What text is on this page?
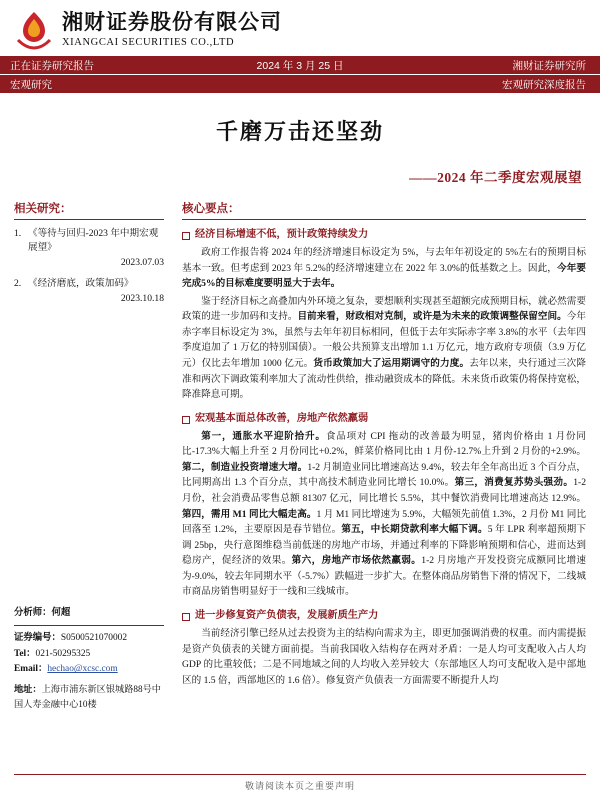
湘财证券股份有限公司
XIANGCAI SECURITIES CO.,LTD
正在证券研究报告	2024 年 3 月 25 日	湘财证券研究所
宏观研究	宏观研究深度报告
千磨万击还坚劲
——2024 年二季度宏观展望
相关研究：
1. 《等待与回归-2023 年中期宏观展望》
2023.07.03
2. 《经济磨底，政策加码》
2023.10.18
分析师：何超
证券编号：S0500521070002
Tel：021-50295325
Email：hechao@xcsc.com
地址：上海市浦东新区银城路88号中国人寿金融中心10楼
核心要点：
经济目标增速不低，预计政策持续发力

政府工作报告将 2024 年的经济增速目标设定为 5%，与去年年初设定的 5%左右的预期目标基本一致。但考虑到 2023 年 5.2%的经济增速建立在 2022 年 3.0%的低基数之上。因此，今年要完成5%的目标难度要明显大于去年。

鉴于经济目标之高叠加内外环境之复杂，要想顺利实现甚至超额完成预期目标，就必然需要政策的进一步加码和支持。目前来看，财政相对克制，或许是为未来的政策调整保留空间。今年赤字率目标设定为 3%，虽然与去年年初目标相同，但低于去年实际赤字率 3.8%的水平（去年四季度追加了 1 万亿的特别国债）。一般公共预算支出增加 1.1 万亿元，地方政府专项债（3.9 万亿元）仅比去年增加 1000 亿元。货币政策加大了运用期调守的力度。去年以来，央行通过三次降准和两次下调政策利率加大了流动性供给，推动融资成本的降低。未来货币政策仍将保持宽松，降准降息可期。

宏观基本面总体改善，房地产依然羸弱

第一，通胀水平迎阶拾升。食品项对 CPI 拖动的改善最为明显，猪肉价格由 1 月份同比-17.3%大幅上升至 2 月份同比+0.2%，鲜菜价格同比由 1 月份-12.7%上升到 2 月份的+2.9%。第二，制造业投资增速大增。1-2 月制造业同比增速高达 9.4%，较去年全年高出近 3 个百分点，比同期高出 1.3 个百分点，其中高技术制造业同比增长 10.0%。第三，消费复苏势头强劲。1-2 月份，社会消费品零售总额 81307 亿元，同比增长 5.5%，其中餐饮消费同比增速高达 12.9%。第四，需用 M1 同比大幅走高。1 月 M1 同比增速为 5.9%，大幅领先前值 1.3%，2 月份 M1 同比回落至 1.2%，主要原因是春节错位。第五，中长期贷款利率大幅下调。5 年 LPR 利率超预期下调 25bp，央行意图维稳当前低迷的房地产市场，并通过利率的下降影响预期和信心，进而达到稳房产，促经济的效果。第六，房地产市场依然羸弱。1-2 月房地产开发投资完成额同比增速为-9.0%，较去年同期水平（-5.7%）跌幅进一步扩大。在整体商品房销售下滑的情况下，二线城市商品房销售明显好于一线和三线城市。

进一步修复资产负债表，发展新质生产力

当前经济引擎已经从过去投资为主的结构向需求为主，即更加强调消费的权重。而内需提振是资产负债表的关键方面前提。当前我国收入结构存在两对矛盾：一是人均可支配收入占人均 GDP 的比重较低；二是不同地域之间的人均收入差异较大（东部地区人均可支配收入是中部地区的 1.5 倍，西部地区的 1.6 倍）。修复资产负债表一方面需要不断提升人均

敬请阅读本页之重要声明
